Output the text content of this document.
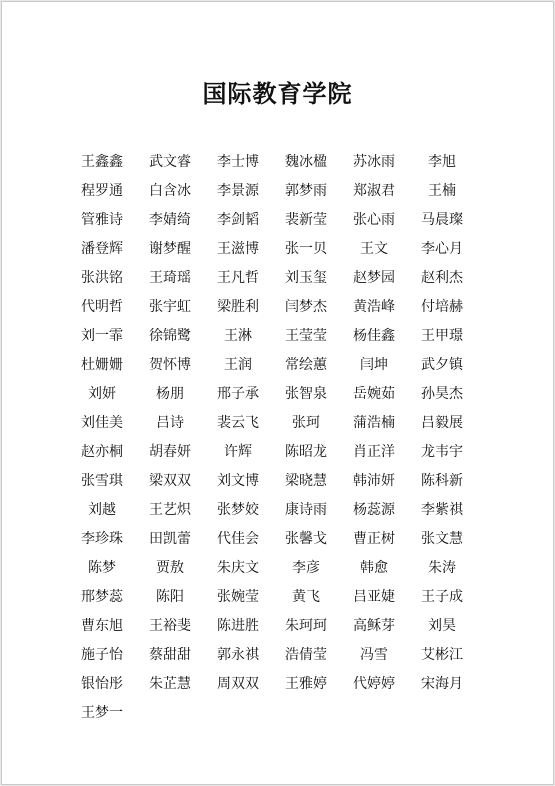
国际教育学院
王鑫鑫	武文睿	李士博	魏冰楹	苏冰雨	李旭
程罗通	白含冰	李景源	郭梦雨	郑淑君	王楠
管雅诗	李婧绮	李剑韬	裴新莹	张心雨	马晨璨
潘登辉	谢梦醒	王滋博	张一贝	王文	李心月
张洪铭	王琦瑶	王凡哲	刘玉玺	赵梦园	赵利杰
代明哲	张宇虹	梁胜利	闫梦杰	黄浩峰	付培赫
刘一霏	徐锦鹭	王淋	王莹莹	杨佳鑫	王甲璟
杜姗姗	贺怀博	王润	常绘蕙	闫坤	武夕镇
刘妍	杨朋	邢子承	张智泉	岳婉茹	孙昊杰
刘佳美	吕诗	裴云飞	张珂	蒲浩楠	吕毅展
赵亦桐	胡春妍	许辉	陈昭龙	肖正洋	龙韦宇
张雪琪	梁双双	刘文博	梁晓慧	韩沛妍	陈科新
刘越	王艺炽	张梦姣	康诗雨	杨蕊源	李紫祺
李珍珠	田凯蕾	代佳会	张馨戈	曹正树	张文慧
陈梦	贾敖	朱庆文	李彦	韩愈	朱涛
邢梦蕊	陈阳	张婉莹	黄飞	吕亚婕	王子成
曹东旭	王裕斐	陈进胜	朱珂珂	高稣芽	刘昊
施子怡	蔡甜甜	郭永祺	浩倩莹	冯雪	艾彬江
银怡彤	朱芷慧	周双双	王雅婷	代婷婷	宋海月
王梦一
